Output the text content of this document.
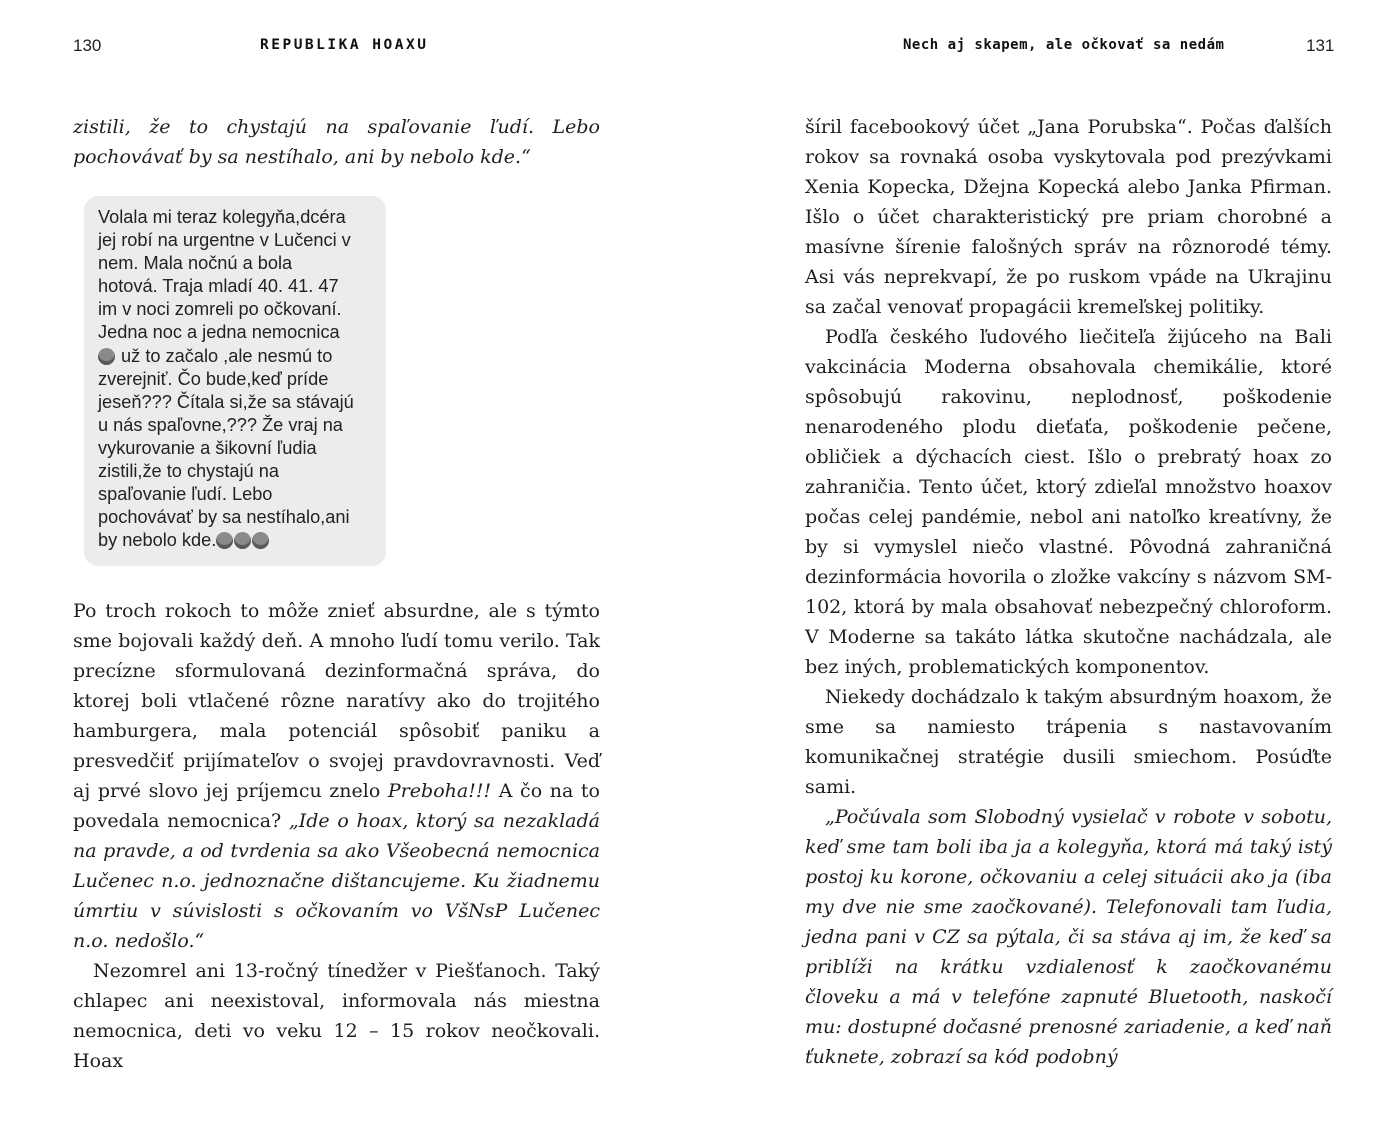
130	REPUBLIKA HOAXU

zistili, že to chystajú na spaľovanie ľudí. Lebo pochovávať by sa nestíhalo, ani by nebolo kde.“

Volala mi teraz kolegyňa,dcéra
jej robí na urgentne v Lučenci v
nem. Mala nočnú a bola
hotová. Traja mladí 40. 41. 47
im v noci zomreli po očkovaní.
Jedna noc a jedna nemocnica
už to začalo ,ale nesmú to
zverejniť. Čo bude,keď príde
jeseň??? Čítala si,že sa stávajú
u nás spaľovne,??? Že vraj na
vykurovanie a šikovní ľudia
zistili,že to chystajú na
spaľovanie ľudí. Lebo
pochovávať by sa nestíhalo,ani
by nebolo kde.

Po troch rokoch to môže znieť absurdne, ale s týmto sme bojovali každý deň. A mnoho ľudí tomu verilo. Tak precízne sformulovaná dezinformačná správa, do ktorej boli vtlačené rôzne naratívy ako do trojitého hamburgera, mala potenciál spôsobiť paniku a presvedčiť prijímateľov o svojej pravdovravnosti. Veď aj prvé slovo jej príjemcu znelo Preboha!!! A čo na to povedala nemocnica? „Ide o hoax, ktorý sa nezakladá na pravde, a od tvrdenia sa ako Všeobecná nemocnica Lučenec n.o. jednoznačne dištancujeme. Ku žiadnemu úmrtiu v súvislosti s očkovaním vo VšNsP Lučenec n.o. nedošlo.“

Nezomrel ani 13-ročný tínedžer v Piešťanoch. Taký chlapec ani neexistoval, informovala nás miestna nemocnica, deti vo veku 12 – 15 rokov neočkovali. Hoax

Nech aj skapem, ale očkovať sa nedám	131

šíril facebookový účet „Jana Porubska“. Počas ďalších rokov sa rovnaká osoba vyskytovala pod prezývkami Xenia Kopecka, Džejna Kopecká alebo Janka Pfirman. Išlo o účet charakteristický pre priam chorobné a masívne šírenie falošných správ na rôznorodé témy. Asi vás neprekvapí, že po ruskom vpáde na Ukrajinu sa začal venovať propagácii kremeľskej politiky.

Podľa českého ľudového liečiteľa žijúceho na Bali vakcinácia Moderna obsahovala chemikálie, ktoré spôsobujú rakovinu, neplodnosť, poškodenie nenarodeného plodu dieťaťa, poškodenie pečene, obličiek a dýchacích ciest. Išlo o prebratý hoax zo zahraničia. Tento účet, ktorý zdieľal množstvo hoaxov počas celej pandémie, nebol ani natoľko kreatívny, že by si vymyslel niečo vlastné. Pôvodná zahraničná dezinformácia hovorila o zložke vakcíny s názvom SM-102, ktorá by mala obsahovať nebezpečný chloroform. V Moderne sa takáto látka skutočne nachádzala, ale bez iných, problematických komponentov.

Niekedy dochádzalo k takým absurdným hoaxom, že sme sa namiesto trápenia s nastavovaním komunikačnej stratégie dusili smiechom. Posúďte sami.

„Počúvala som Slobodný vysielač v robote v sobotu, keď sme tam boli iba ja a kolegyňa, ktorá má taký istý postoj ku korone, očkovaniu a celej situácii ako ja (iba my dve nie sme zaočkované). Telefonovali tam ľudia, jedna pani v CZ sa pýtala, či sa stáva aj im, že keď sa priblíži na krátku vzdialenosť k zaočkovanému človeku a má v telefóne zapnuté Bluetooth, naskočí mu: dostupné dočasné prenosné zariadenie, a keď naň ťuknete, zobrazí sa kód podobný
